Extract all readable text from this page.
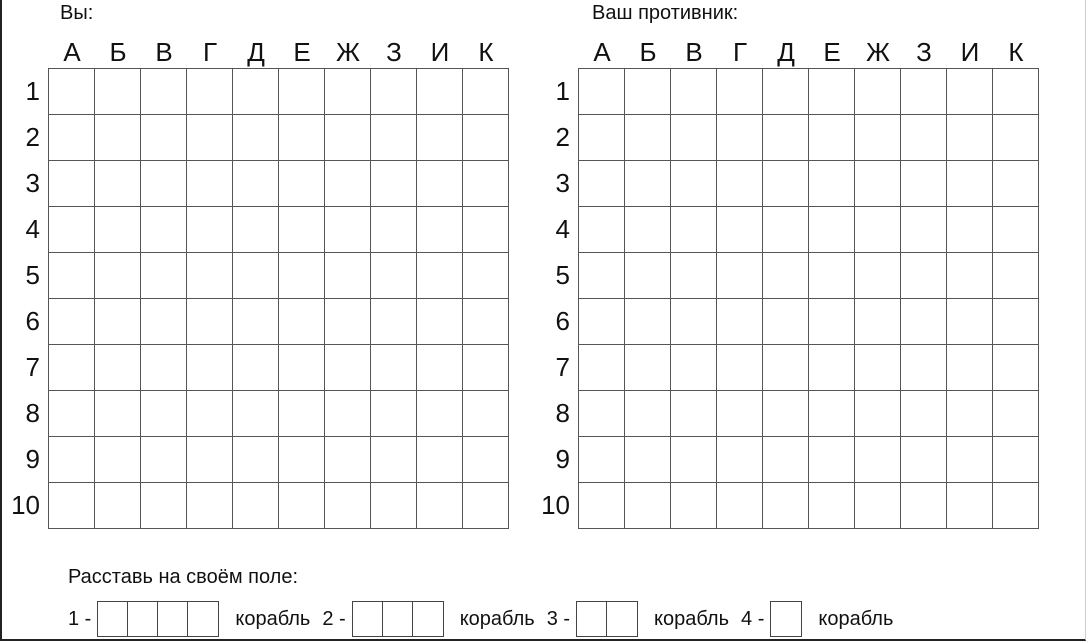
Вы:
А	Б	В	Г	Д	Е Ж	З	И	К
1
2
3
4
5
6
7
8
9
10
Ваш противник:
А	Б	В	Г	Д	Е Ж	З	И	К
1
2
3
4
5
6
7
8
9
10
Расставь на своём поле:
1 -	корабль 2 -	корабль 3 -	корабль 4 -	корабль
